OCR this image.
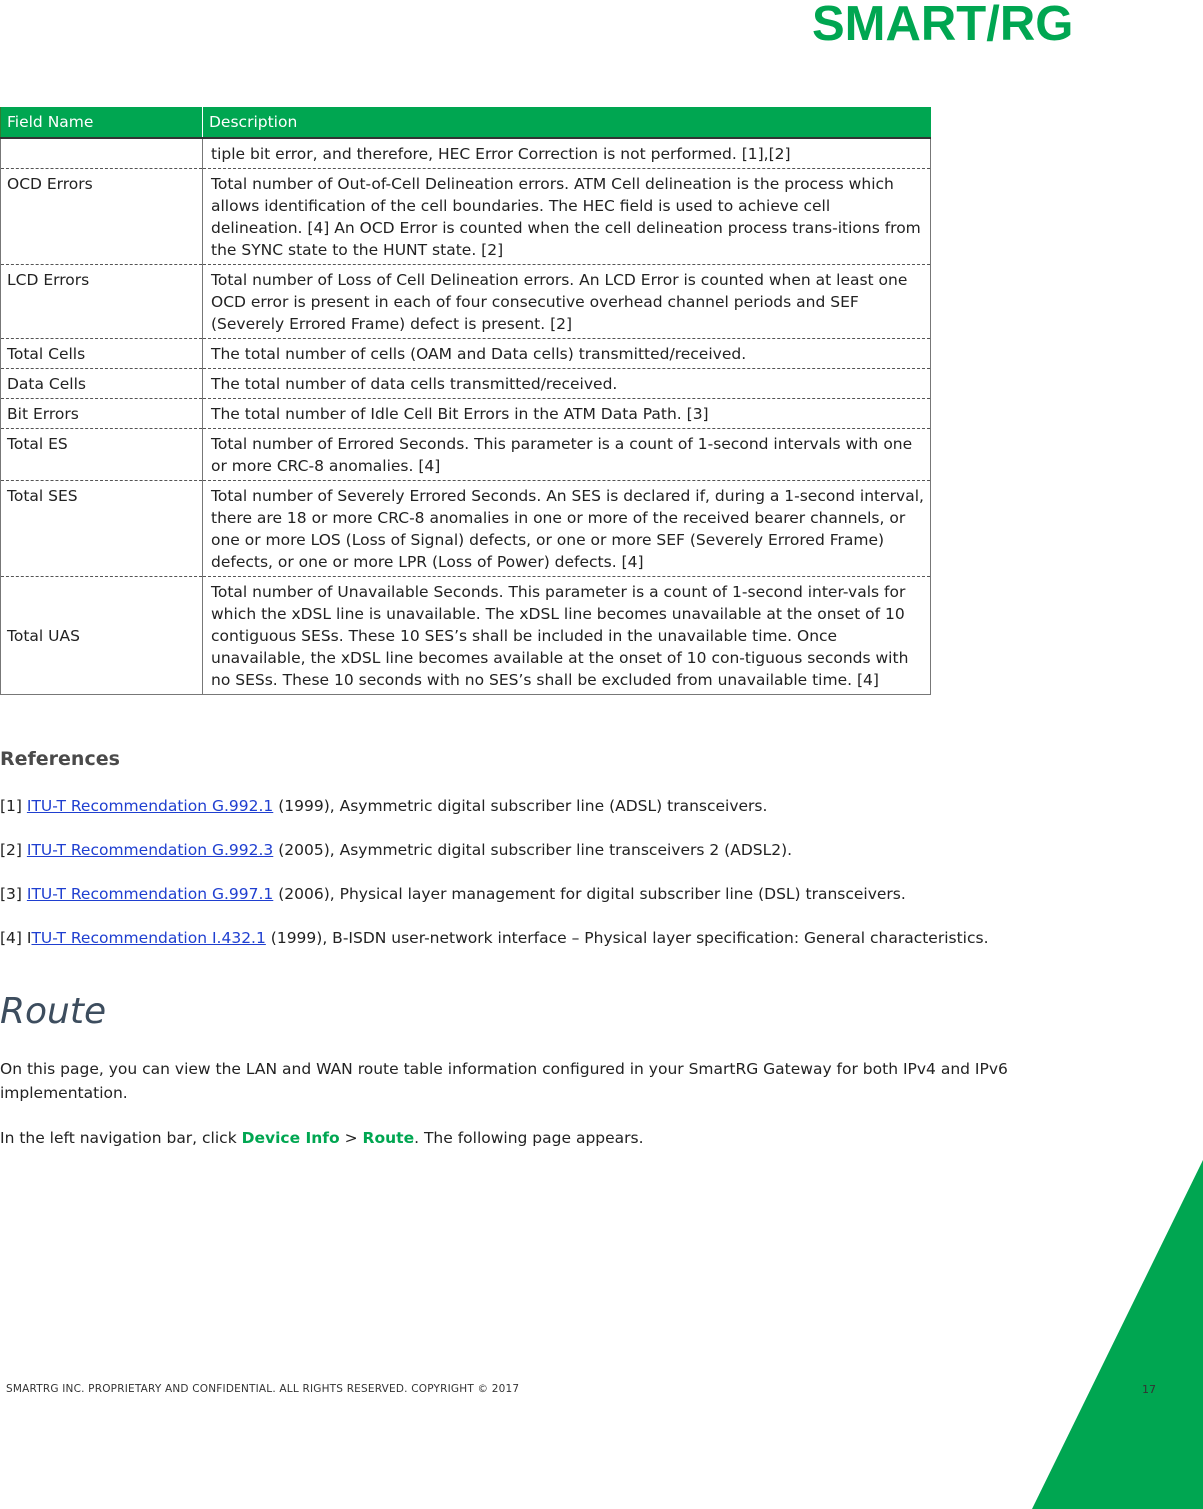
SMART/RG
Field Name	Description
	tiple bit error, and therefore, HEC Error Correction is not performed. [1],[2]
OCD Errors	Total number of Out-of-Cell Delineation errors. ATM Cell delineation is the process which allows identification of the cell boundaries. The HEC field is used to achieve cell delineation. [4] An OCD Error is counted when the cell delineation process trans-itions from the SYNC state to the HUNT state. [2]
LCD Errors	Total number of Loss of Cell Delineation errors. An LCD Error is counted when at least one OCD error is present in each of four consecutive overhead channel periods and SEF (Severely Errored Frame) defect is present. [2]
Total Cells	The total number of cells (OAM and Data cells) transmitted/received.
Data Cells	The total number of data cells transmitted/received.
Bit Errors	The total number of Idle Cell Bit Errors in the ATM Data Path. [3]
Total ES	Total number of Errored Seconds. This parameter is a count of 1-second intervals with one or more CRC-8 anomalies. [4]
Total SES	Total number of Severely Errored Seconds. An SES is declared if, during a 1-second interval, there are 18 or more CRC-8 anomalies in one or more of the received bearer channels, or one or more LOS (Loss of Signal) defects, or one or more SEF (Severely Errored Frame) defects, or one or more LPR (Loss of Power) defects. [4]
Total UAS	Total number of Unavailable Seconds. This parameter is a count of 1-second inter-vals for which the xDSL line is unavailable. The xDSL line becomes unavailable at the onset of 10 contiguous SESs. These 10 SES’s shall be included in the unavailable time. Once unavailable, the xDSL line becomes available at the onset of 10 con-tiguous seconds with no SESs. These 10 seconds with no SES’s shall be excluded from unavailable time. [4]
References

[1] ITU-T Recommendation G.992.1 (1999), Asymmetric digital subscriber line (ADSL) transceivers.

[2] ITU-T Recommendation G.992.3 (2005), Asymmetric digital subscriber line transceivers 2 (ADSL2).

[3] ITU-T Recommendation G.997.1 (2006), Physical layer management for digital subscriber line (DSL) transceivers.

[4] ITU-T Recommendation I.432.1 (1999), B-ISDN user-network interface – Physical layer specification: General characteristics.

Route

On this page, you can view the LAN and WAN route table information configured in your SmartRG Gateway for both IPv4 and IPv6 implementation.

In the left navigation bar, click Device Info > Route. The following page appears.

SMARTRG INC. PROPRIETARY AND CONFIDENTIAL. ALL RIGHTS RESERVED. COPYRIGHT © 2017	17
